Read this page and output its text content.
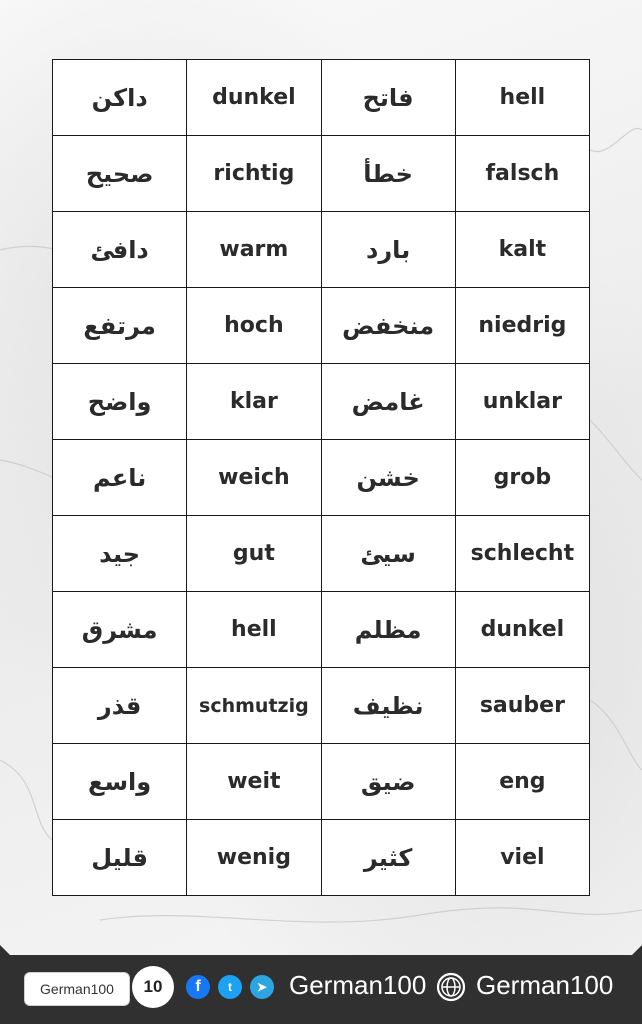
داكن	dunkel	فاتح	hell
صحيح	richtig	خطأ	falsch
دافئ	warm	بارد	kalt
مرتفع	hoch	منخفض	niedrig
واضح	klar	غامض	unklar
ناعم	weich	خشن	grob
جيد	gut	سيئ	schlecht
مشرق	hell	مظلم	dunkel
قذر	schmutzig	نظيف	sauber
واسع	weit	ضيق	eng
قليل	wenig	كثير	viel
German100 10 f t ➤ German100 German100
